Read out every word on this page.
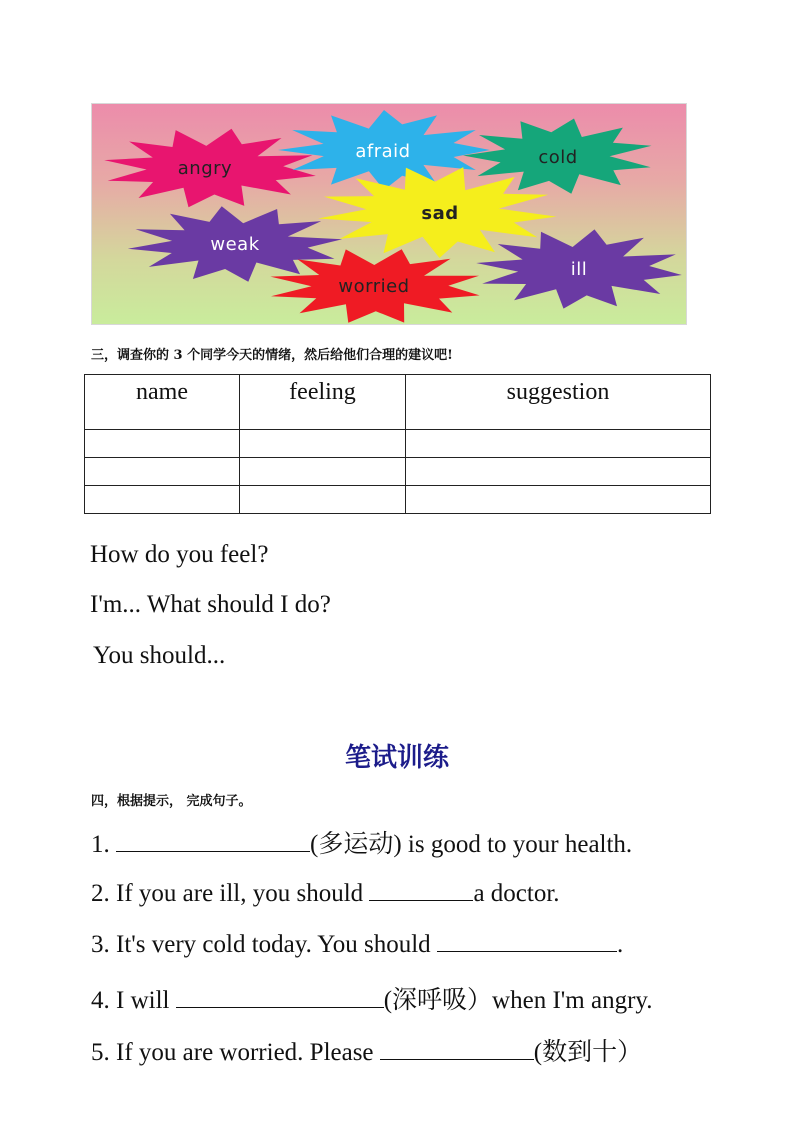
angry
afraid	cold
sad
weak
worried
ill
三，调查你的 3 个同学今天的情绪，然后给他们合理的建议吧!
name	feeling	suggestion

How do you feel?
I'm... What should I do?
You should...
笔试训练
四，根据提示， 完成句子。
1.	(多运动) is good to your health.
2. If you are ill, you should	a doctor.
3. It's very cold today. You should	.
4. I will	(深呼吸）when I'm angry.
5. If you are worried. Please	(数到十）
